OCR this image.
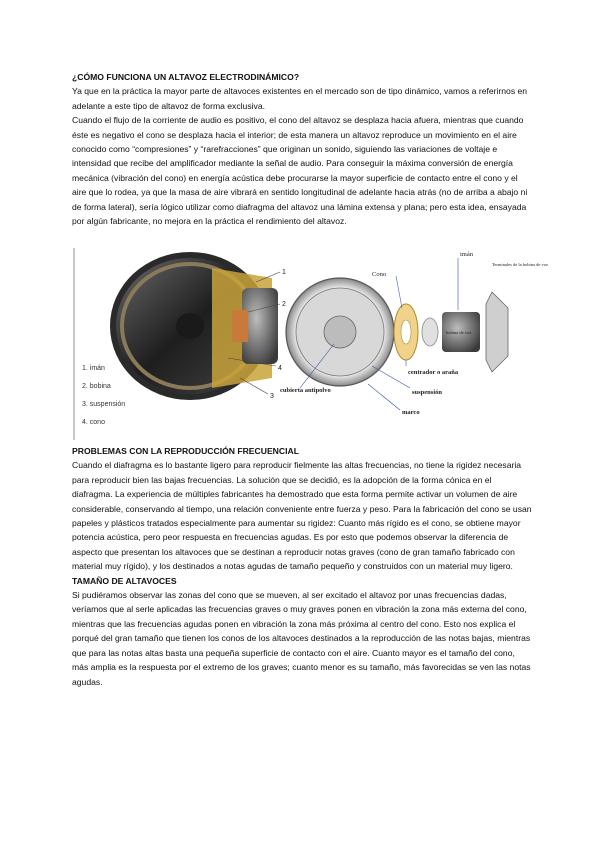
¿CÓMO FUNCIONA UN ALTAVOZ ELECTRODINÁMICO?

Ya que en la práctica la mayor parte de altavoces existentes en el mercado son de tipo dinámico, vamos a referirnos en adelante a este tipo de altavoz de forma exclusiva.

Cuando el flujo de la corriente de audio es positivo, el cono del altavoz se desplaza hacia afuera, mientras que cuando éste es negativo el cono se desplaza hacia el interior; de esta manera un altavoz reproduce un movimiento en el aire conocido como “compresiones” y “rarefracciones” que originan un sonido, siguiendo las variaciones de voltaje e intensidad que recibe del amplificador mediante la señal de audio. Para conseguir la máxima conversión de energía mecánica (vibración del cono) en energía acústica debe procurarse la mayor superficie de contacto entre el cono y el aire que lo rodea, ya que la masa de aire vibrará en sentido longitudinal de adelante hacia atrás (no de arriba a abajo ni de forma lateral), sería lógico utilizar como diafragma del altavoz una lámina extensa y plana; pero esta idea, ensayada por algún fabricante, no mejora en la práctica el rendimiento del altavoz.

1
2
3
4
1. imán
2. bobina
3. suspensión
4. cono
imán
Cono
Terminales de la bobina de voz
bobina de voz
centrador o araña
suspensión
cubierta antipolvo
marco
PROBLEMAS CON LA REPRODUCCIÓN FRECUENCIAL

Cuando el diafragma es lo bastante ligero para reproducir fielmente las altas frecuencias, no tiene la rigidez necesaria para reproducir bien las bajas frecuencias. La solución que se decidió, es la adopción de la forma cónica en el diafragma. La experiencia de múltiples fabricantes ha demostrado que esta forma permite activar un volumen de aire considerable, conservando al tiempo, una relación conveniente entre fuerza y peso. Para la fabricación del cono se usan papeles y plásticos tratados especialmente para aumentar su rigidez: Cuanto más rígido es el cono, se obtiene mayor potencia acústica, pero peor respuesta en frecuencias agudas. Es por esto que podemos observar la diferencia de aspecto que presentan los altavoces que se destinan a reproducir notas graves (cono de gran tamaño fabricado con material muy rígido), y los destinados a notas agudas de tamaño pequeño y construidos con un material muy ligero.

TAMAÑO DE ALTAVOCES

Si pudiéramos observar las zonas del cono que se mueven, al ser excitado el altavoz por unas frecuencias dadas, veríamos que al serle aplicadas las frecuencias graves o muy graves ponen en vibración la zona más externa del cono, mientras que las frecuencias agudas ponen en vibración la zona más próxima al centro del cono. Esto nos explica el porqué del gran tamaño que tienen los conos de los altavoces destinados a la reproducción de las notas bajas, mientras que para las notas altas basta una pequeña superficie de contacto con el aire. Cuanto mayor es el tamaño del cono, más amplia es la respuesta por el extremo de los graves; cuanto menor es su tamaño, más favorecidas se ven las notas agudas.
